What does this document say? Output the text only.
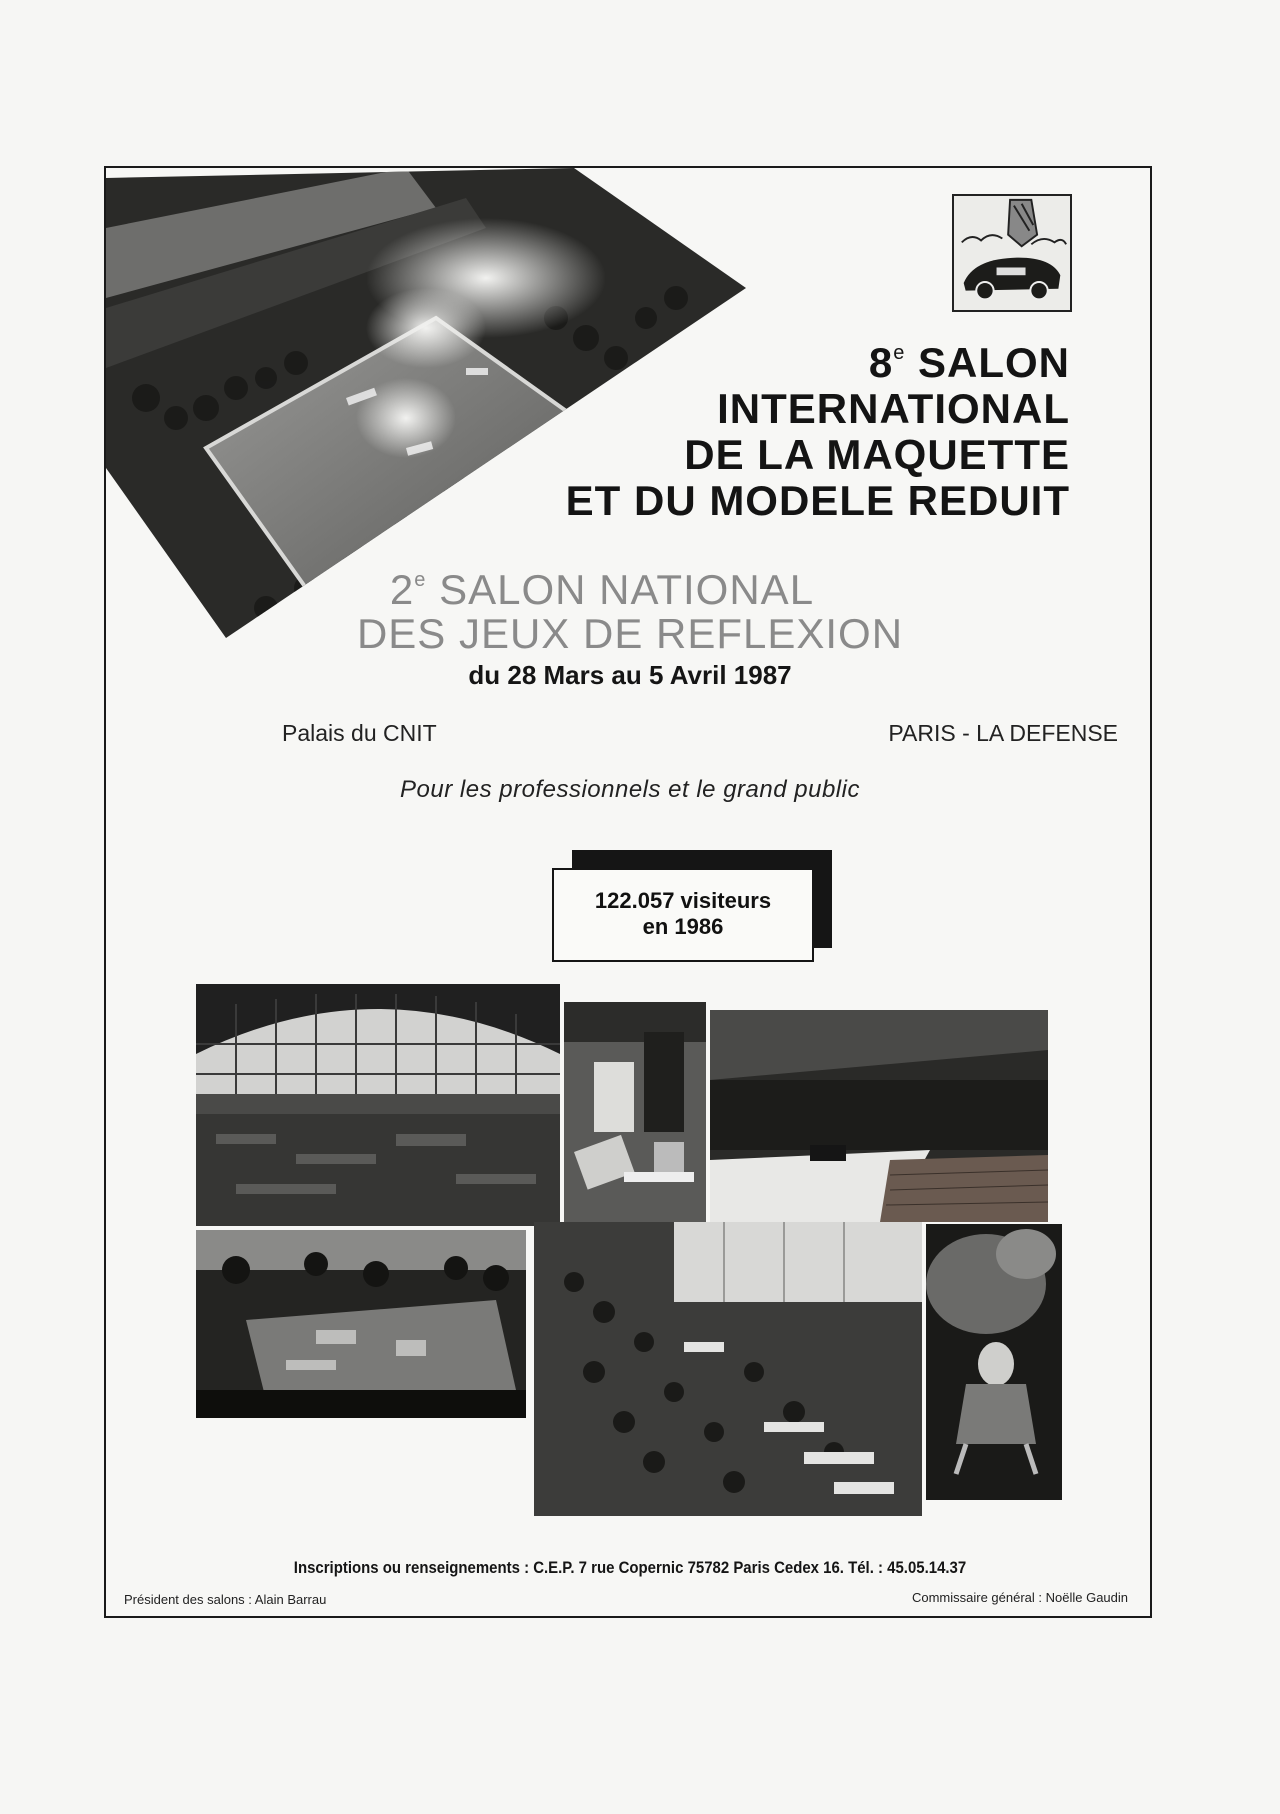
8e SALON
INTERNATIONAL
DE LA MAQUETTE
ET DU MODELE REDUIT
2e SALON NATIONAL
DES JEUX DE REFLEXION
du 28 Mars au 5 Avril 1987
Palais du CNIT	PARIS - LA DEFENSE
Pour les professionnels et le grand public
122.057 visiteurs
en 1986
Inscriptions ou renseignements : C.E.P. 7 rue Copernic 75782 Paris Cedex 16. Tél. : 45.05.14.37
Président des salons : Alain Barrau	Commissaire général : Noëlle Gaudin
